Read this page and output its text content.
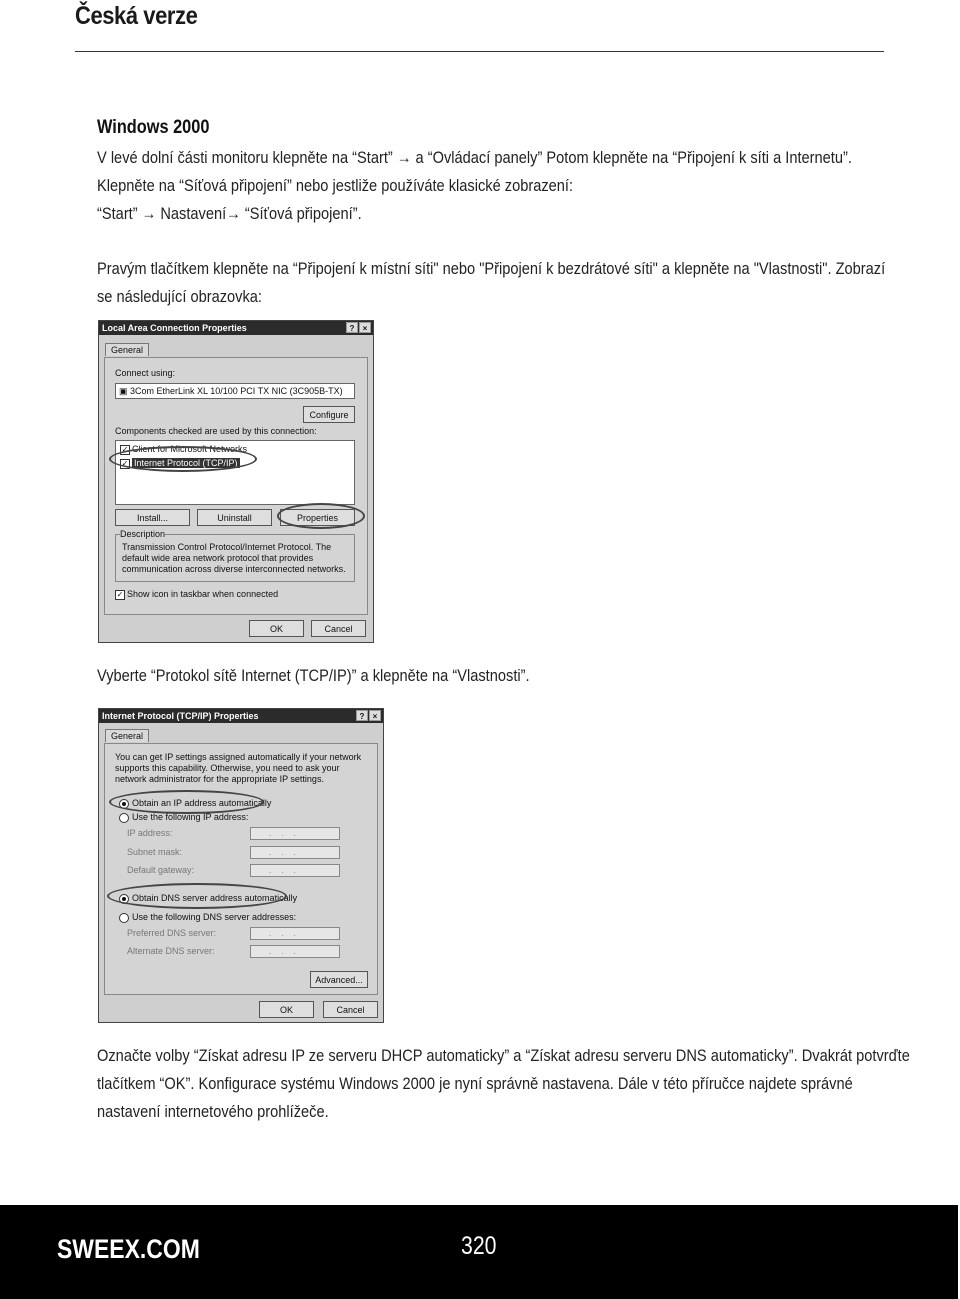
Česká verze
Windows 2000

V levé dolní části monitoru klepněte na “Start” → a “Ovládací panely” Potom klepněte na “Připojení k síti a Internetu”.

Klepněte na “Síťová připojení” nebo jestliže používáte klasické zobrazení:

“Start” → Nastavení→ “Síťová připojení”.

Pravým tlačítkem klepněte na “Připojení k místní síti" nebo "Připojení k bezdrátové síti" a klepněte na "Vlastnosti". Zobrazí

se následující obrazovka:

Local Area Connection Properties	?	×
General
Connect using:
▣ 3Com EtherLink XL 10/100 PCI TX NIC (3C905B-TX)
Configure
Components checked are used by this connection:
✓ Client for Microsoft Networks
✓ Internet Protocol (TCP/IP)
Install...	Uninstall	Properties
Description
Transmission Control Protocol/Internet Protocol. The default wide area network protocol that provides communication across diverse interconnected networks.
✓ Show icon in taskbar when connected
OK	Cancel

Vyberte “Protokol sítě Internet (TCP/IP)” a klepněte na “Vlastnosti”.

Internet Protocol (TCP/IP) Properties	?	×
General
You can get IP settings assigned automatically if your network supports this capability. Otherwise, you need to ask your network administrator for the appropriate IP settings.
Obtain an IP address automatically
Use the following IP address:
IP address:	...
Subnet mask:	...
Default gateway:	...
Obtain DNS server address automatically
Use the following DNS server addresses:
Preferred DNS server:	...
Alternate DNS server:	...
Advanced...
OK	Cancel

Označte volby “Získat adresu IP ze serveru DHCP automaticky” a “Získat adresu serveru DNS automaticky”. Dvakrát potvrďte

tlačítkem “OK”. Konfigurace systému Windows 2000 je nyní správně nastavena. Dále v této příručce najdete správné

nastavení internetového prohlížeče.

SWEEX.COM	320
